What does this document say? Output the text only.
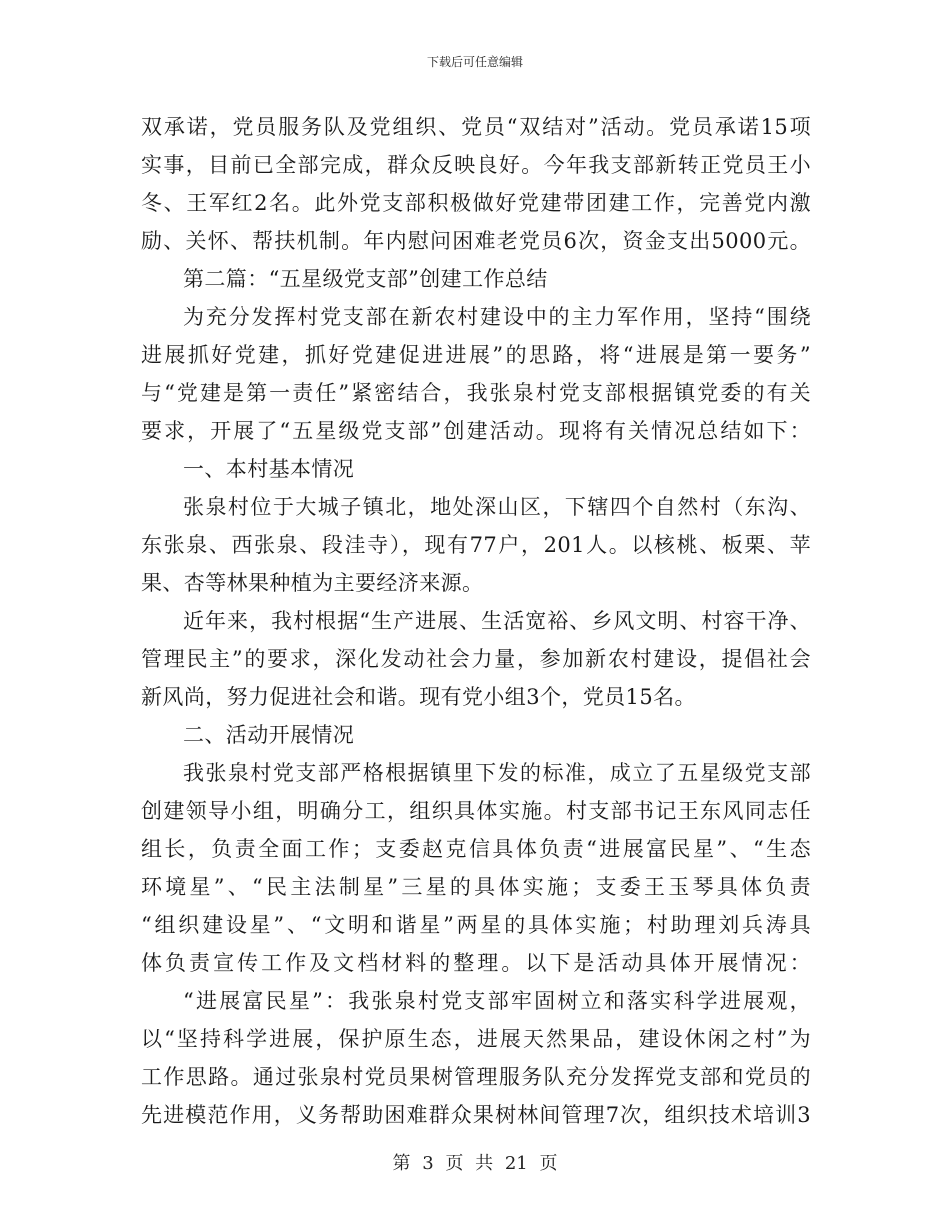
下载后可任意编辑
双承诺，党员服务队及党组织、党员“双结对”活动。党员承诺15项
实事，目前已全部完成，群众反映良好。今年我支部新转正党员王小
冬、王军红2名。此外党支部积极做好党建带团建工作，完善党内激
励、关怀、帮扶机制。年内慰问困难老党员6次，资金支出5000元。
第二篇：“五星级党支部”创建工作总结
为充分发挥村党支部在新农村建设中的主力军作用，坚持“围绕
进展抓好党建，抓好党建促进进展”的思路，将“进展是第一要务”
与“党建是第一责任”紧密结合，我张泉村党支部根据镇党委的有关
要求，开展了“五星级党支部”创建活动。现将有关情况总结如下：
一、本村基本情况
张泉村位于大城子镇北，地处深山区，下辖四个自然村（东沟、
东张泉、西张泉、段洼寺），现有77户，201人。以核桃、板栗、苹
果、杏等林果种植为主要经济来源。
近年来，我村根据“生产进展、生活宽裕、乡风文明、村容干净、
管理民主”的要求，深化发动社会力量，参加新农村建设，提倡社会
新风尚，努力促进社会和谐。现有党小组3个，党员15名。
二、活动开展情况
我张泉村党支部严格根据镇里下发的标准，成立了五星级党支部
创建领导小组，明确分工，组织具体实施。村支部书记王东风同志任
组长，负责全面工作；支委赵克信具体负责“进展富民星”、“生态
环境星”、“民主法制星”三星的具体实施；支委王玉琴具体负责
“组织建设星”、“文明和谐星”两星的具体实施；村助理刘兵涛具
体负责宣传工作及文档材料的整理。以下是活动具体开展情况：
“进展富民星”：我张泉村党支部牢固树立和落实科学进展观，
以“坚持科学进展，保护原生态，进展天然果品，建设休闲之村”为
工作思路。通过张泉村党员果树管理服务队充分发挥党支部和党员的
先进模范作用，义务帮助困难群众果树林间管理7次，组织技术培训3
第 3 页 共 21 页
